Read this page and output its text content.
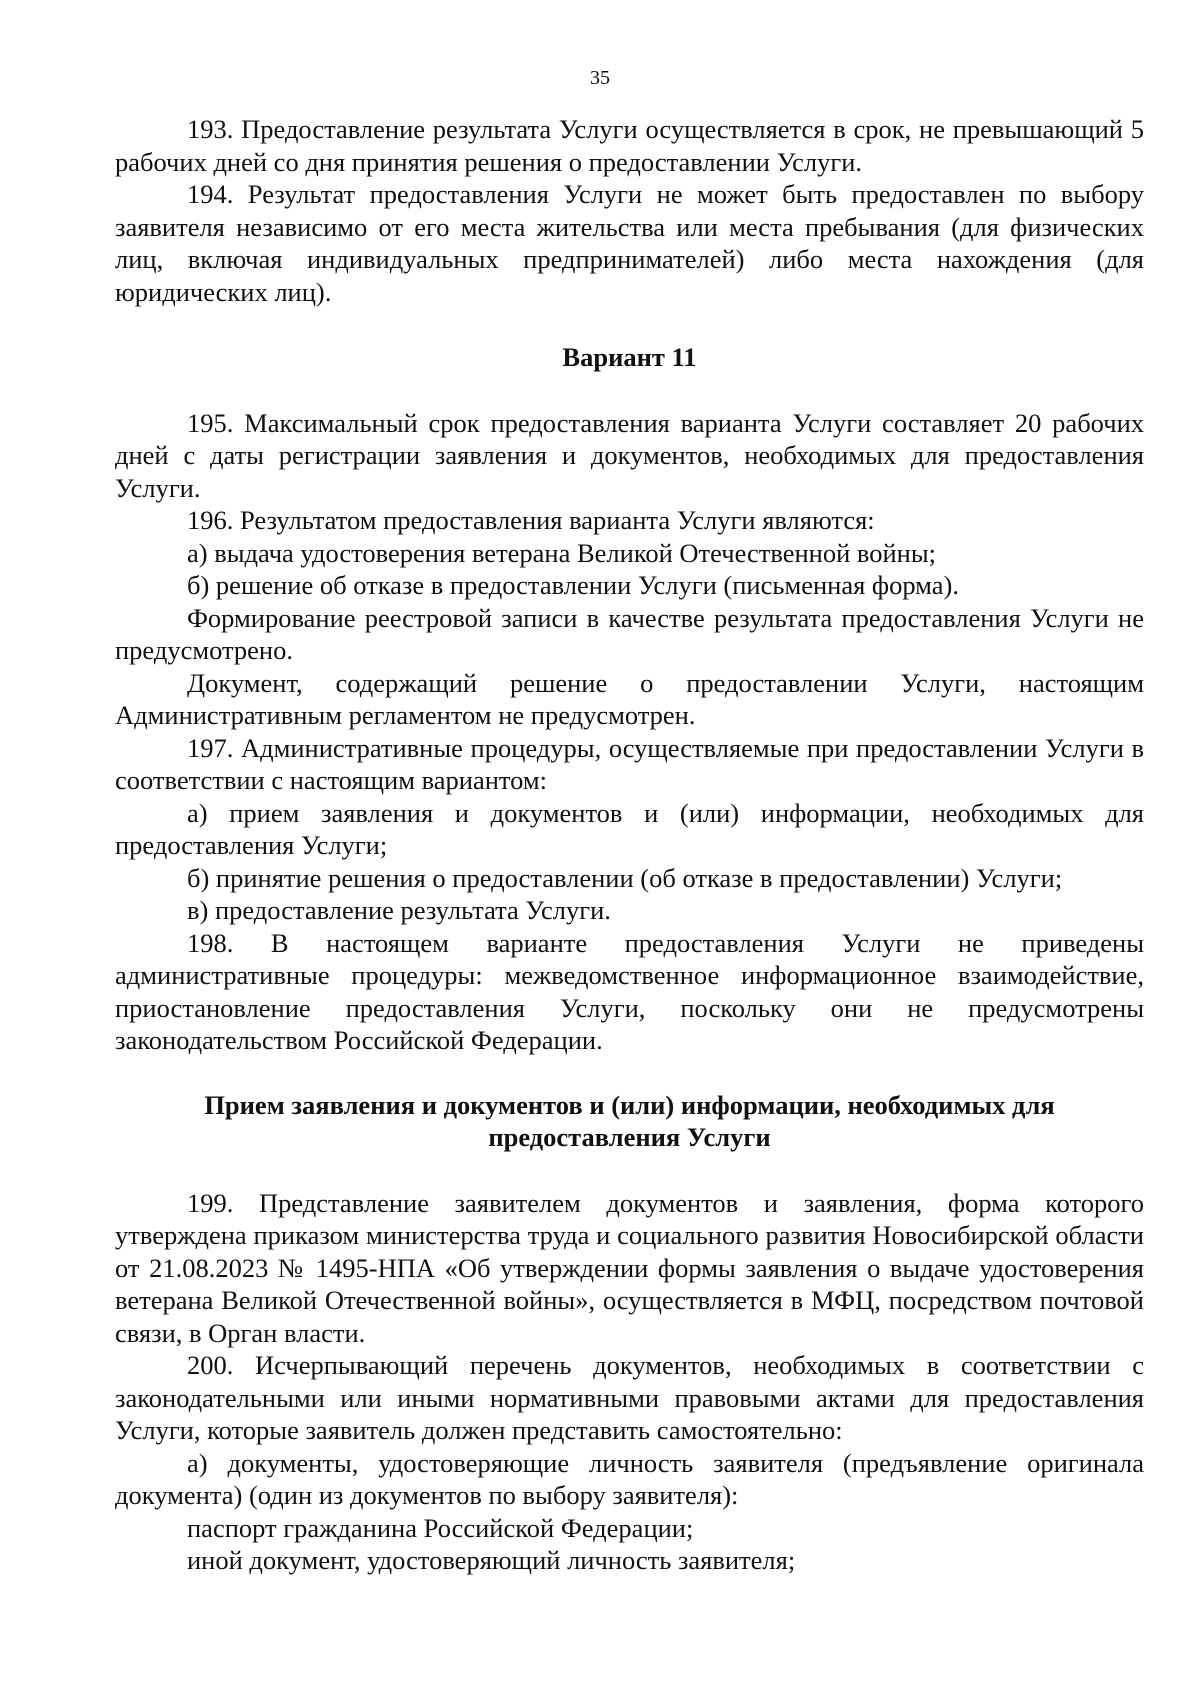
35

193. Предоставление результата Услуги осуществляется в срок, не превышающий 5 рабочих дней со дня принятия решения о предоставлении Услуги.

194. Результат предоставления Услуги не может быть предоставлен по выбору заявителя независимо от его места жительства или места пребывания (для физических лиц, включая индивидуальных предпринимателей) либо места нахождения (для юридических лиц).

Вариант 11

195. Максимальный срок предоставления варианта Услуги составляет 20 рабочих дней с даты регистрации заявления и документов, необходимых для предоставления Услуги.

196. Результатом предоставления варианта Услуги являются:

а) выдача удостоверения ветерана Великой Отечественной войны;

б) решение об отказе в предоставлении Услуги (письменная форма).

Формирование реестровой записи в качестве результата предоставления Услуги не предусмотрено.

Документ, содержащий решение о предоставлении Услуги, настоящим Административным регламентом не предусмотрен.

197. Административные процедуры, осуществляемые при предоставлении Услуги в соответствии с настоящим вариантом:

а) прием заявления и документов и (или) информации, необходимых для предоставления Услуги;

б) принятие решения о предоставлении (об отказе в предоставлении) Услуги;

в) предоставление результата Услуги.

198. В настоящем варианте предоставления Услуги не приведены административные процедуры: межведомственное информационное взаимодействие, приостановление предоставления Услуги, поскольку они не предусмотрены законодательством Российской Федерации.

Прием заявления и документов и (или) информации, необходимых для предоставления Услуги

199. Представление заявителем документов и заявления, форма которого утверждена приказом министерства труда и социального развития Новосибирской области от 21.08.2023 № 1495-НПА «Об утверждении формы заявления о выдаче удостоверения ветерана Великой Отечественной войны», осуществляется в МФЦ, посредством почтовой связи, в Орган власти.

200. Исчерпывающий перечень документов, необходимых в соответствии с законодательными или иными нормативными правовыми актами для предоставления Услуги, которые заявитель должен представить самостоятельно:

а) документы, удостоверяющие личность заявителя (предъявление оригинала документа) (один из документов по выбору заявителя):

паспорт гражданина Российской Федерации;

иной документ, удостоверяющий личность заявителя;
